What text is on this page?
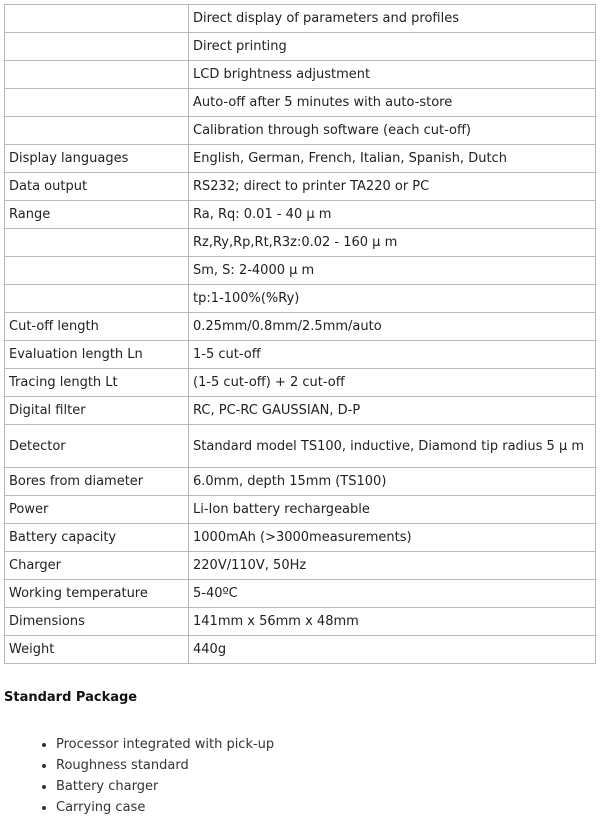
	Direct display of parameters and profiles
	Direct printing
	LCD brightness adjustment
	Auto-off after 5 minutes with auto-store
	Calibration through software (each cut-off)
Display languages	English, German, French, Italian, Spanish, Dutch
Data output	RS232; direct to printer TA220 or PC
Range	Ra, Rq: 0.01 - 40 μ m
	Rz,Ry,Rp,Rt,R3z:0.02 - 160 μ m
	Sm, S: 2-4000 μ m
	tp:1-100%(%Ry)
Cut-off length	0.25mm/0.8mm/2.5mm/auto
Evaluation length Ln	1-5 cut-off
Tracing length Lt	(1-5 cut-off) + 2 cut-off
Digital filter	RC, PC-RC GAUSSIAN, D-P
Detector	Standard model TS100, inductive, Diamond tip radius 5 μ m
Bores from diameter	6.0mm, depth 15mm (TS100)
Power	Li-Ion battery rechargeable
Battery capacity	1000mAh (>3000measurements)
Charger	220V/110V, 50Hz
Working temperature	5-40ºC
Dimensions	141mm x 56mm x 48mm
Weight	440g
Standard Package
• Processor integrated with pick-up
• Roughness standard
• Battery charger
• Carrying case
